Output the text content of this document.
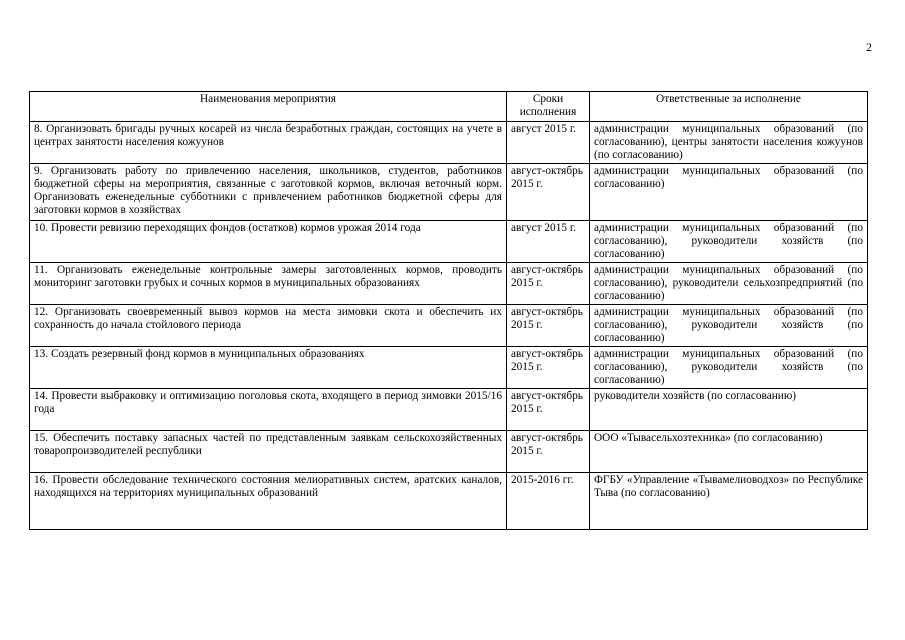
2
Наименования мероприятия	Сроки исполнения	Ответственные за исполнение
8. Организовать бригады ручных косарей из числа безработных граждан, состоящих на учете в центрах занятости населения кожуунов	август 2015 г.	администрации муниципальных образований (по согласованию), центры занятости населения кожуунов (по согласованию)
9. Организовать работу по привлечению населения, школьников, студентов, работников бюджетной сферы на мероприятия, связанные с заготовкой кормов, включая веточный корм. Организовать еженедельные субботники с привлечением работников бюджетной сферы для заготовки кормов в хозяйствах	август-октябрь 2015 г.	администрации муниципальных образований (по согласованию)
10. Провести ревизию переходящих фондов (остатков) кормов урожая 2014 года	август 2015 г.	администрации муниципальных образований (по согласованию), руководители хозяйств (по согласованию)
11. Организовать еженедельные контрольные замеры заготовленных кормов, проводить мониторинг заготовки грубых и сочных кормов в муниципальных образованиях	август-октябрь 2015 г.	администрации муниципальных образований (по согласованию), руководители сельхозпредприятий (по согласованию)
12. Организовать своевременный вывоз кормов на места зимовки скота и обеспечить их сохранность до начала стойлового периода	август-октябрь 2015 г.	администрации муниципальных образований (по согласованию), руководители хозяйств (по согласованию)
13. Создать резервный фонд кормов в муниципальных образованиях	август-октябрь 2015 г.	администрации муниципальных образований (по согласованию), руководители хозяйств (по согласованию)
14. Провести выбраковку и оптимизацию поголовья скота, входящего в период зимовки 2015/16 года	август-октябрь 2015 г.	руководители хозяйств (по согласованию)
15. Обеспечить поставку запасных частей по представленным заявкам сельскохозяйственных товаропроизводителей республики	август-октябрь 2015 г.	ООО «Тывасельхозтехника» (по согласованию)
16. Провести обследование технического состояния мелиоративных систем, аратских каналов, находящихся на территориях муниципальных образований	2015-2016 гг.	ФГБУ «Управление «Тывамелиоводхоз» по Республике Тыва (по согласованию)
